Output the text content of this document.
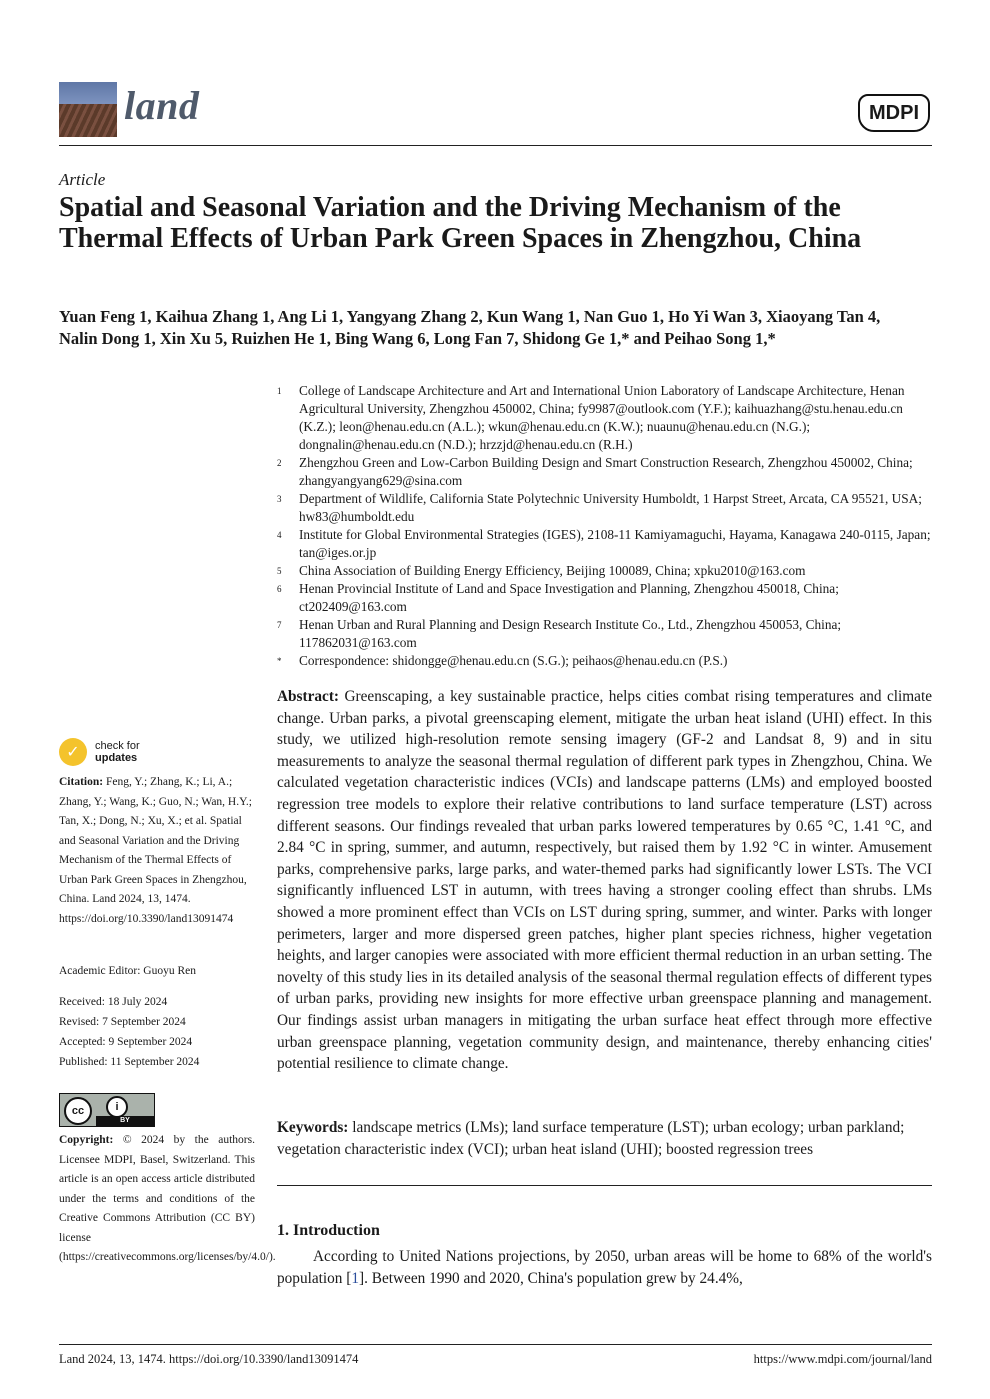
land	MDPI
Article
Spatial and Seasonal Variation and the Driving Mechanism of the Thermal Effects of Urban Park Green Spaces in Zhengzhou, China
Yuan Feng 1, Kaihua Zhang 1, Ang Li 1, Yangyang Zhang 2, Kun Wang 1, Nan Guo 1, Ho Yi Wan 3, Xiaoyang Tan 4,
Nalin Dong 1, Xin Xu 5, Ruizhen He 1, Bing Wang 6, Long Fan 7, Shidong Ge 1,* and Peihao Song 1,*
1 College of Landscape Architecture and Art and International Union Laboratory of Landscape Architecture, Henan Agricultural University, Zhengzhou 450002, China; fy9987@outlook.com (Y.F.); kaihuazhang@stu.henau.edu.cn (K.Z.); leon@henau.edu.cn (A.L.); wkun@henau.edu.cn (K.W.); nuaunu@henau.edu.cn (N.G.); dongnalin@henau.edu.cn (N.D.); hrzzjd@henau.edu.cn (R.H.)
2 Zhengzhou Green and Low-Carbon Building Design and Smart Construction Research, Zhengzhou 450002, China; zhangyangyang629@sina.com
3 Department of Wildlife, California State Polytechnic University Humboldt, 1 Harpst Street, Arcata, CA 95521, USA; hw83@humboldt.edu
4 Institute for Global Environmental Strategies (IGES), 2108-11 Kamiyamaguchi, Hayama, Kanagawa 240-0115, Japan; tan@iges.or.jp
5 China Association of Building Energy Efficiency, Beijing 100089, China; xpku2010@163.com
6 Henan Provincial Institute of Land and Space Investigation and Planning, Zhengzhou 450018, China; ct202409@163.com
7 Henan Urban and Rural Planning and Design Research Institute Co., Ltd., Zhengzhou 450053, China; 117862031@163.com
* Correspondence: shidongge@henau.edu.cn (S.G.); peihaos@henau.edu.cn (P.S.)
Abstract: Greenscaping, a key sustainable practice, helps cities combat rising temperatures and climate change. Urban parks, a pivotal greenscaping element, mitigate the urban heat island (UHI) effect. In this study, we utilized high-resolution remote sensing imagery (GF-2 and Landsat 8, 9) and in situ measurements to analyze the seasonal thermal regulation of different park types in Zhengzhou, China. We calculated vegetation characteristic indices (VCIs) and landscape patterns (LMs) and employed boosted regression tree models to explore their relative contributions to land surface temperature (LST) across different seasons. Our findings revealed that urban parks lowered temperatures by 0.65 °C, 1.41 °C, and 2.84 °C in spring, summer, and autumn, respectively, but raised them by 1.92 °C in winter. Amusement parks, comprehensive parks, large parks, and water-themed parks had significantly lower LSTs. The VCI significantly influenced LST in autumn, with trees having a stronger cooling effect than shrubs. LMs showed a more prominent effect than VCIs on LST during spring, summer, and winter. Parks with longer perimeters, larger and more dispersed green patches, higher plant species richness, higher vegetation heights, and larger canopies were associated with more efficient thermal reduction in an urban setting. The novelty of this study lies in its detailed analysis of the seasonal thermal regulation effects of different types of urban parks, providing new insights for more effective urban greenspace planning and management. Our findings assist urban managers in mitigating the urban surface heat effect through more effective urban greenspace planning, vegetation community design, and maintenance, thereby enhancing cities' potential resilience to climate change.
Keywords: landscape metrics (LMs); land surface temperature (LST); urban ecology; urban parkland; vegetation characteristic index (VCI); urban heat island (UHI); boosted regression trees
1. Introduction
According to United Nations projections, by 2050, urban areas will be home to 68% of the world's population [1]. Between 1990 and 2020, China's population grew by 24.4%,
✓ check for
updates
Citation: Feng, Y.; Zhang, K.; Li, A.; Zhang, Y.; Wang, K.; Guo, N.; Wan, H.Y.; Tan, X.; Dong, N.; Xu, X.; et al. Spatial and Seasonal Variation and the Driving Mechanism of the Thermal Effects of Urban Park Green Spaces in Zhengzhou, China. Land 2024, 13, 1474. https://doi.org/10.3390/land13091474
Academic Editor: Guoyu Ren
Received: 18 July 2024
Revised: 7 September 2024
Accepted: 9 September 2024
Published: 11 September 2024
cc	i
BY
Copyright: © 2024 by the authors. Licensee MDPI, Basel, Switzerland. This article is an open access article distributed under the terms and conditions of the Creative Commons Attribution (CC BY) license (https://creativecommons.org/licenses/by/4.0/).
Land 2024, 13, 1474. https://doi.org/10.3390/land13091474	https://www.mdpi.com/journal/land
